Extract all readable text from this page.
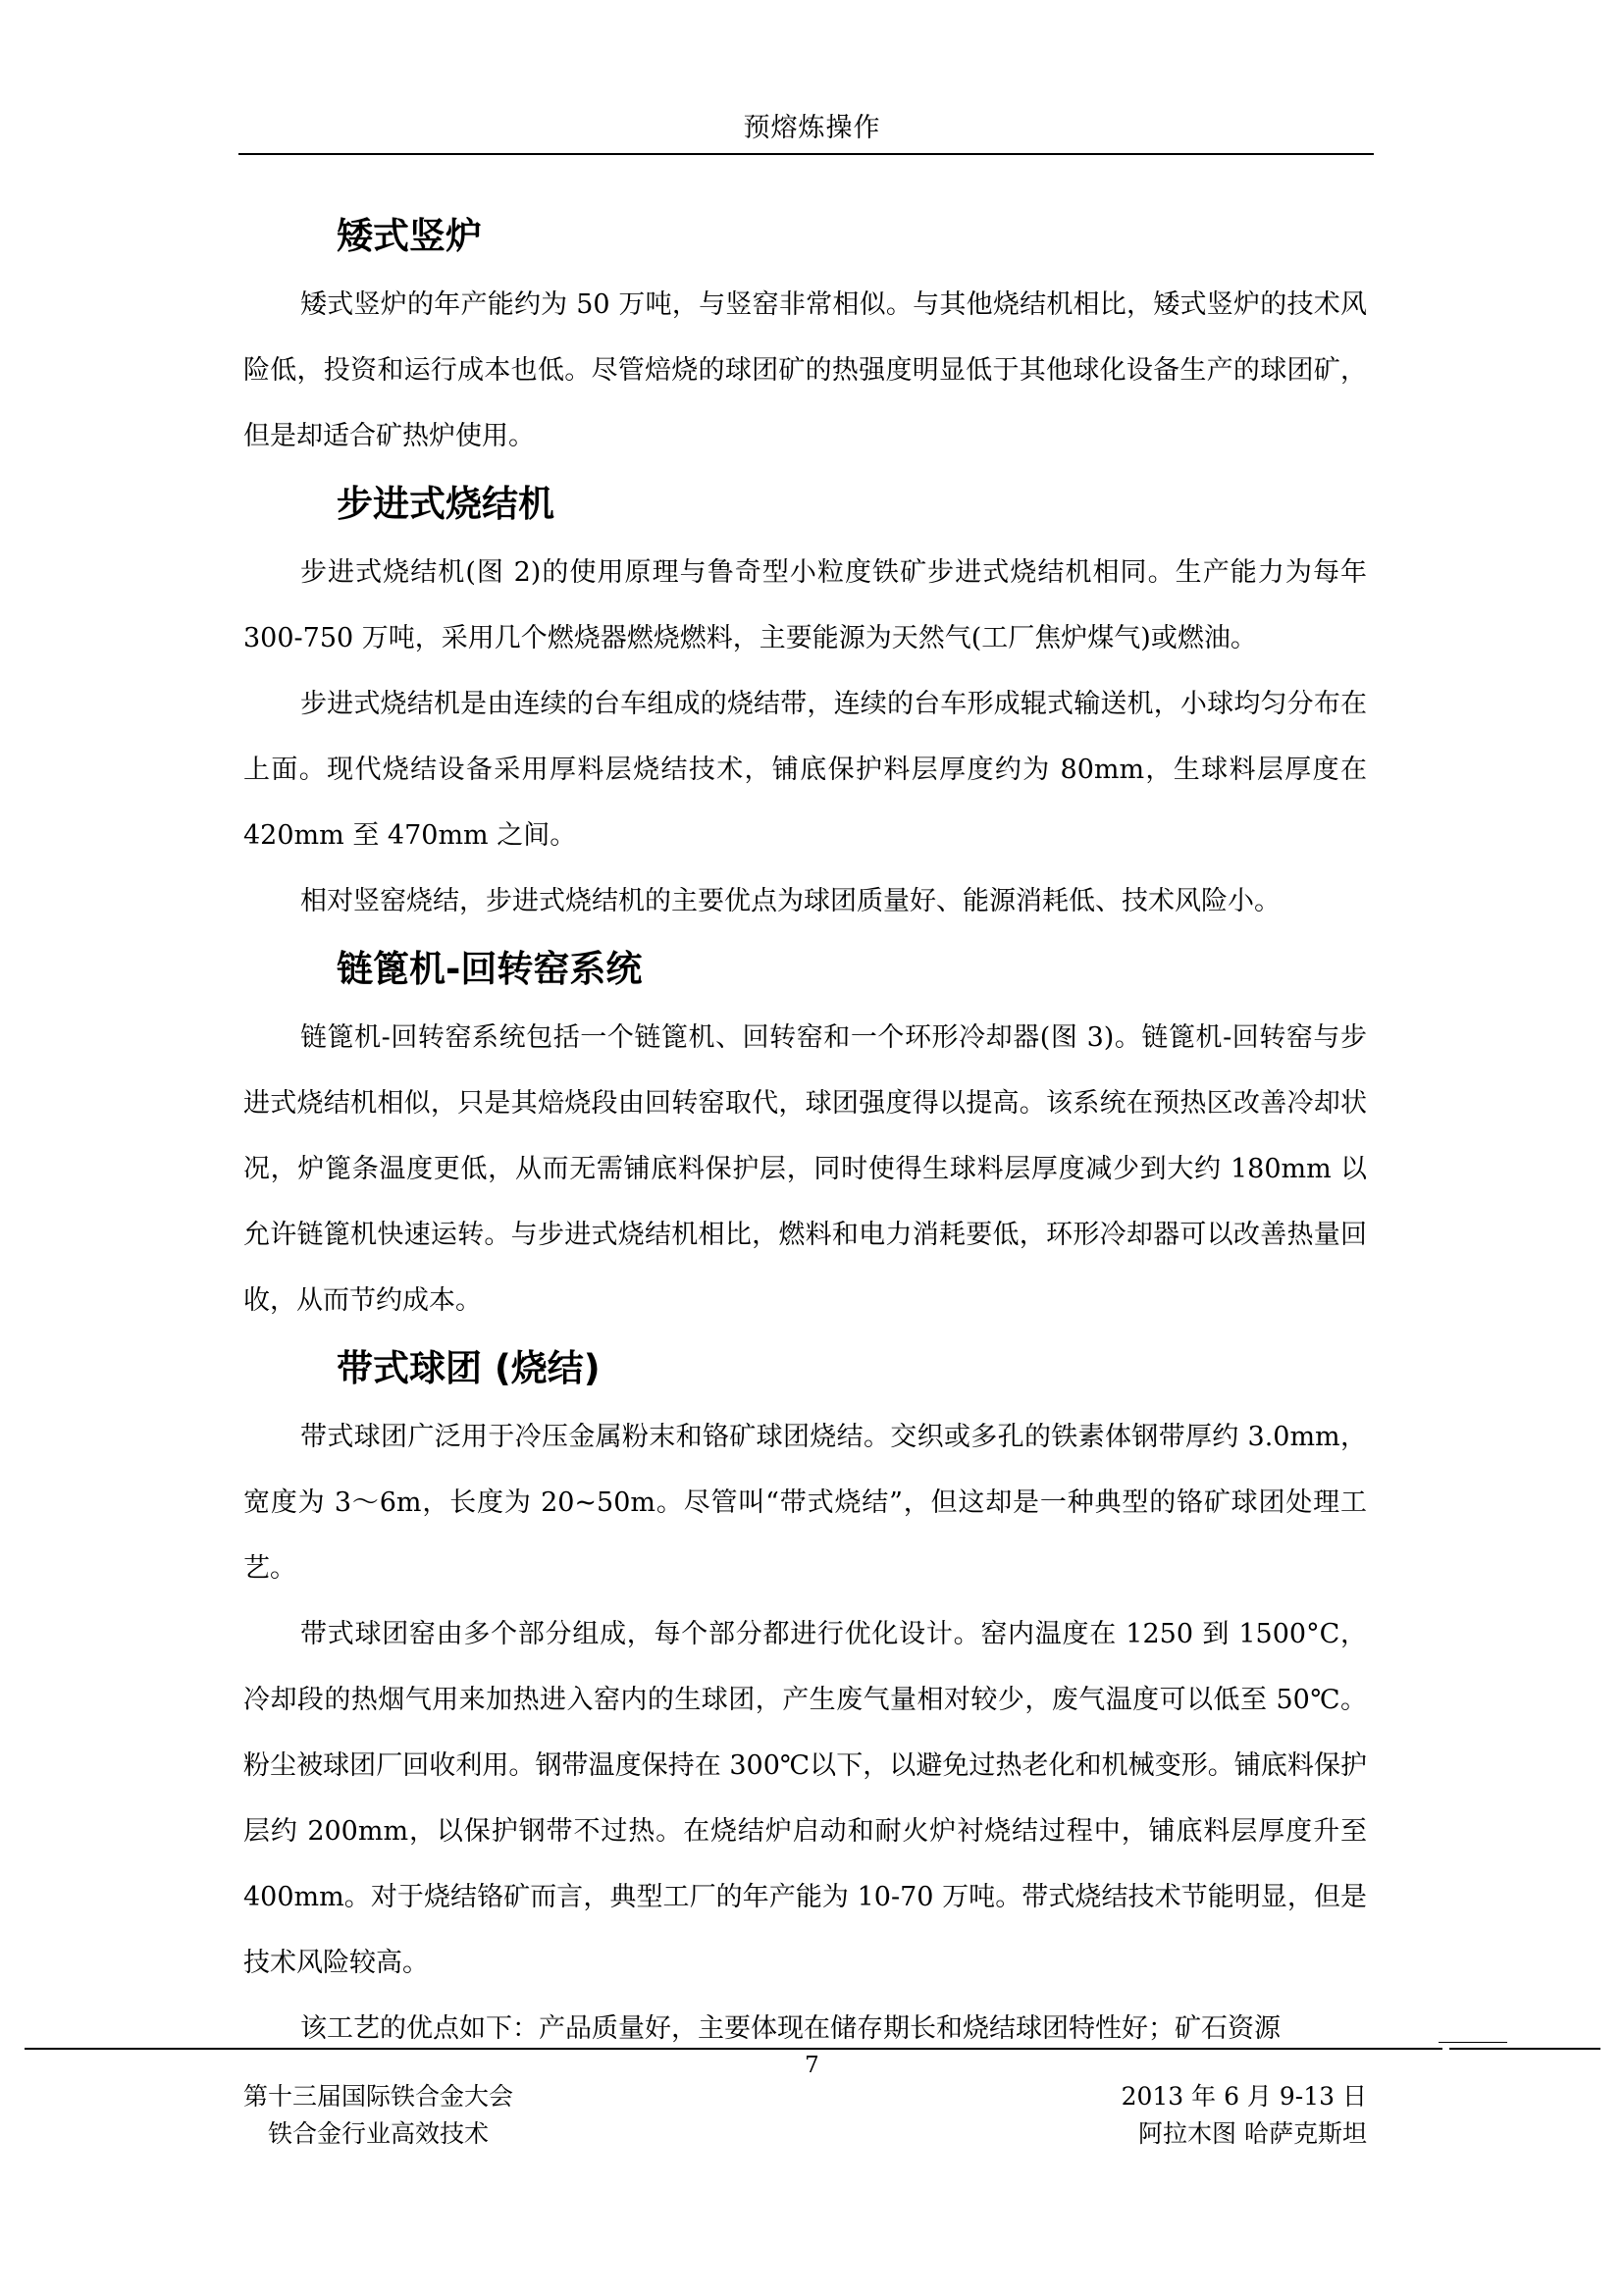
预熔炼操作
矮式竖炉

矮式竖炉的年产能约为 50 万吨，与竖窑非常相似。与其他烧结机相比，矮式竖炉的技术风险低，投资和运行成本也低。尽管焙烧的球团矿的热强度明显低于其他球化设备生产的球团矿，但是却适合矿热炉使用。

步进式烧结机

步进式烧结机(图 2)的使用原理与鲁奇型小粒度铁矿步进式烧结机相同。生产能力为每年 300-750 万吨，采用几个燃烧器燃烧燃料，主要能源为天然气(工厂焦炉煤气)或燃油。

步进式烧结机是由连续的台车组成的烧结带，连续的台车形成辊式输送机，小球均匀分布在上面。现代烧结设备采用厚料层烧结技术，铺底保护料层厚度约为 80mm，生球料层厚度在 420mm 至 470mm 之间。

相对竖窑烧结，步进式烧结机的主要优点为球团质量好、能源消耗低、技术风险小。

链篦机-回转窑系统

链篦机-回转窑系统包括一个链篦机、回转窑和一个环形冷却器(图 3)。链篦机-回转窑与步进式烧结机相似，只是其焙烧段由回转窑取代，球团强度得以提高。该系统在预热区改善冷却状况，炉篦条温度更低，从而无需铺底料保护层，同时使得生球料层厚度减少到大约 180mm 以允许链篦机快速运转。与步进式烧结机相比，燃料和电力消耗要低，环形冷却器可以改善热量回收，从而节约成本。

带式球团 (烧结)

带式球团广泛用于冷压金属粉末和铬矿球团烧结。交织或多孔的铁素体钢带厚约 3.0mm，宽度为 3～6m，长度为 20~50m。尽管叫“带式烧结”，但这却是一种典型的铬矿球团处理工艺。

带式球团窑由多个部分组成，每个部分都进行优化设计。窑内温度在 1250 到 1500°C，冷却段的热烟气用来加热进入窑内的生球团，产生废气量相对较少，废气温度可以低至 50℃。粉尘被球团厂回收利用。钢带温度保持在 300℃以下，以避免过热老化和机械变形。铺底料保护层约 200mm，以保护钢带不过热。在烧结炉启动和耐火炉衬烧结过程中，铺底料层厚度升至 400mm。对于烧结铬矿而言，典型工厂的年产能为 10-70 万吨。带式烧结技术节能明显，但是技术风险较高。

该工艺的优点如下：产品质量好，主要体现在储存期长和烧结球团特性好；矿石资源

7
第十三届国际铁合金大会
铁合金行业高效技术
2013 年 6 月 9-13 日
阿拉木图 哈萨克斯坦
